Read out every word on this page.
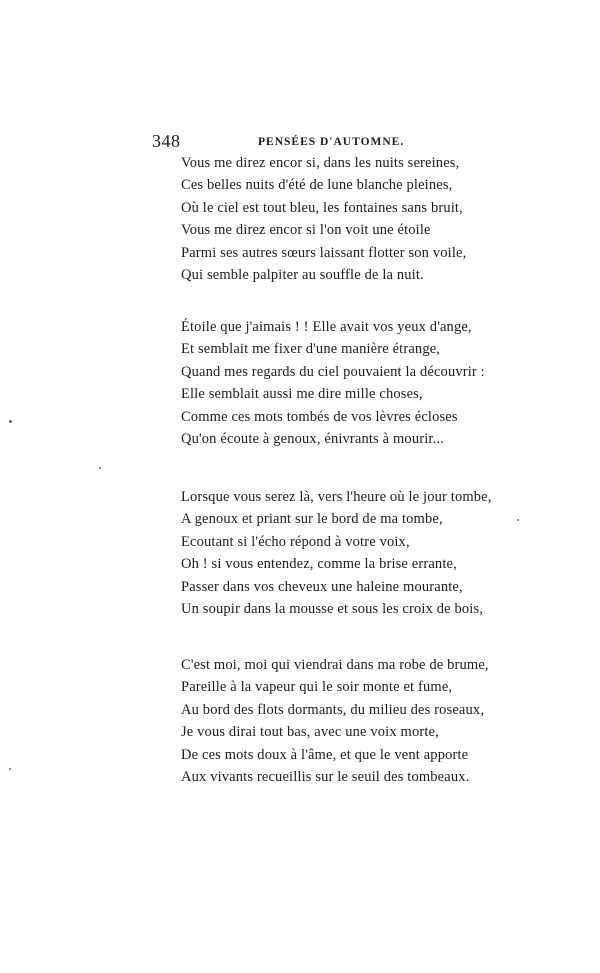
348	PENSÉES D'AUTOMNE.
Vous me direz encor si, dans les nuits sereines,
Ces belles nuits d'été de lune blanche pleines,
Où le ciel est tout bleu, les fontaines sans bruit,
Vous me direz encor si l'on voit une étoile
Parmi ses autres sœurs laissant flotter son voile,
Qui semble palpiter au souffle de la nuit.
Étoile que j'aimais ! ! Elle avait vos yeux d'ange,
Et semblait me fixer d'une manière étrange,
Quand mes regards du ciel pouvaient la découvrir :
Elle semblait aussi me dire mille choses,
Comme ces mots tombés de vos lèvres écloses
Qu'on écoute à genoux, énivrants à mourir...
Lorsque vous serez là, vers l'heure où le jour tombe,
A genoux et priant sur le bord de ma tombe,
Ecoutant si l'écho répond à votre voix,
Oh ! si vous entendez, comme la brise errante,
Passer dans vos cheveux une haleine mourante,
Un soupir dans la mousse et sous les croix de bois,
C'est moi, moi qui viendrai dans ma robe de brume,
Pareille à la vapeur qui le soir monte et fume,
Au bord des flots dormants, du milieu des roseaux,
Je vous dirai tout bas, avec une voix morte,
De ces mots doux à l'âme, et que le vent apporte
Aux vivants recueillis sur le seuil des tombeaux.
